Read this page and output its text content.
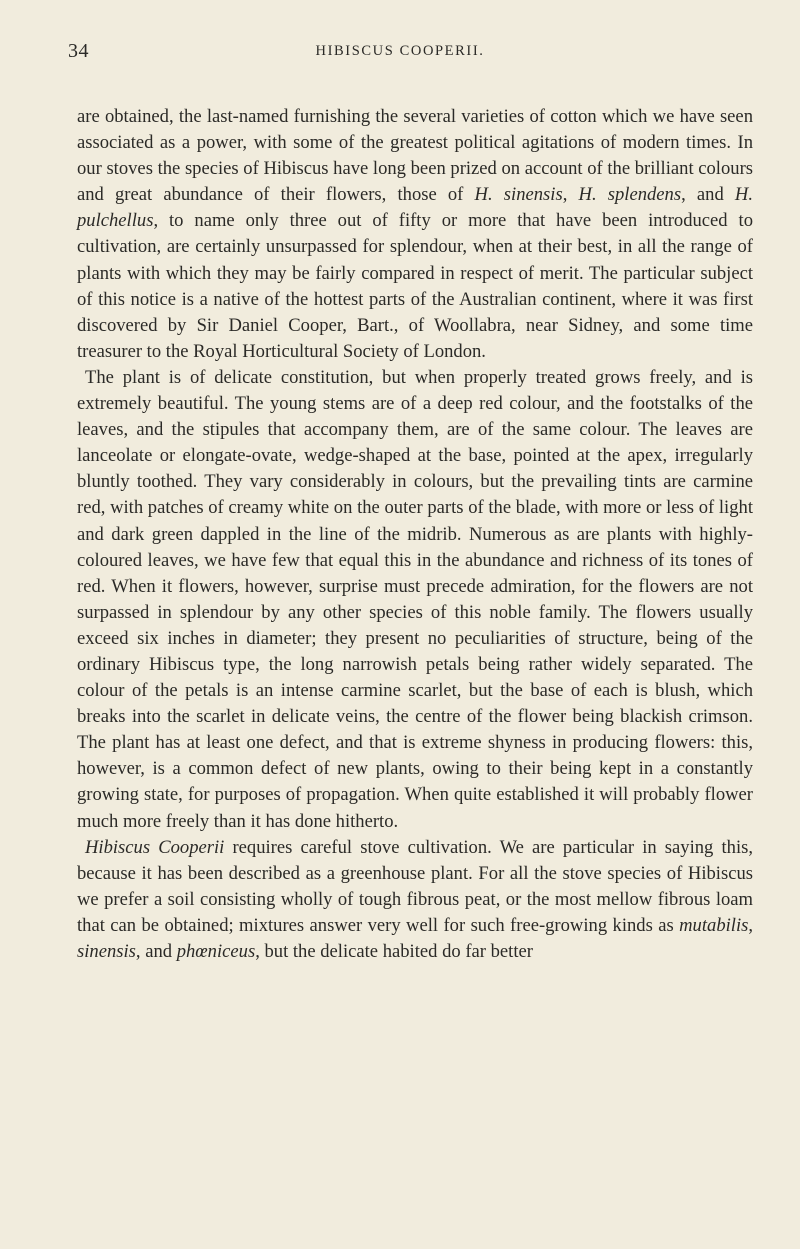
34	HIBISCUS COOPERII.

are obtained, the last-named furnishing the several varieties of cotton which we have seen associated as a power, with some of the greatest political agitations of modern times. In our stoves the species of Hibiscus have long been prized on account of the brilliant colours and great abundance of their flowers, those of H. sinensis, H. splendens, and H. pulchellus, to name only three out of fifty or more that have been introduced to cultivation, are certainly unsurpassed for splendour, when at their best, in all the range of plants with which they may be fairly compared in respect of merit. The particular subject of this notice is a native of the hottest parts of the Australian continent, where it was first discovered by Sir Daniel Cooper, Bart., of Woollabra, near Sidney, and some time treasurer to the Royal Horticultural Society of London.

The plant is of delicate constitution, but when properly treated grows freely, and is extremely beautiful. The young stems are of a deep red colour, and the footstalks of the leaves, and the stipules that accompany them, are of the same colour. The leaves are lanceolate or elongate-ovate, wedge-shaped at the base, pointed at the apex, irregularly bluntly toothed. They vary considerably in colours, but the prevailing tints are carmine red, with patches of creamy white on the outer parts of the blade, with more or less of light and dark green dappled in the line of the midrib. Numerous as are plants with highly-coloured leaves, we have few that equal this in the abundance and richness of its tones of red. When it flowers, however, surprise must precede admiration, for the flowers are not surpassed in splendour by any other species of this noble family. The flowers usually exceed six inches in diameter; they present no peculiarities of structure, being of the ordinary Hibiscus type, the long narrowish petals being rather widely separated. The colour of the petals is an intense carmine scarlet, but the base of each is blush, which breaks into the scarlet in delicate veins, the centre of the flower being blackish crimson. The plant has at least one defect, and that is extreme shyness in producing flowers: this, however, is a common defect of new plants, owing to their being kept in a constantly growing state, for purposes of propagation. When quite established it will probably flower much more freely than it has done hitherto.

Hibiscus Cooperii requires careful stove cultivation. We are particular in saying this, because it has been described as a greenhouse plant. For all the stove species of Hibiscus we prefer a soil consisting wholly of tough fibrous peat, or the most mellow fibrous loam that can be obtained; mixtures answer very well for such free-growing kinds as mutabilis, sinensis, and phœniceus, but the delicate habited do far better
